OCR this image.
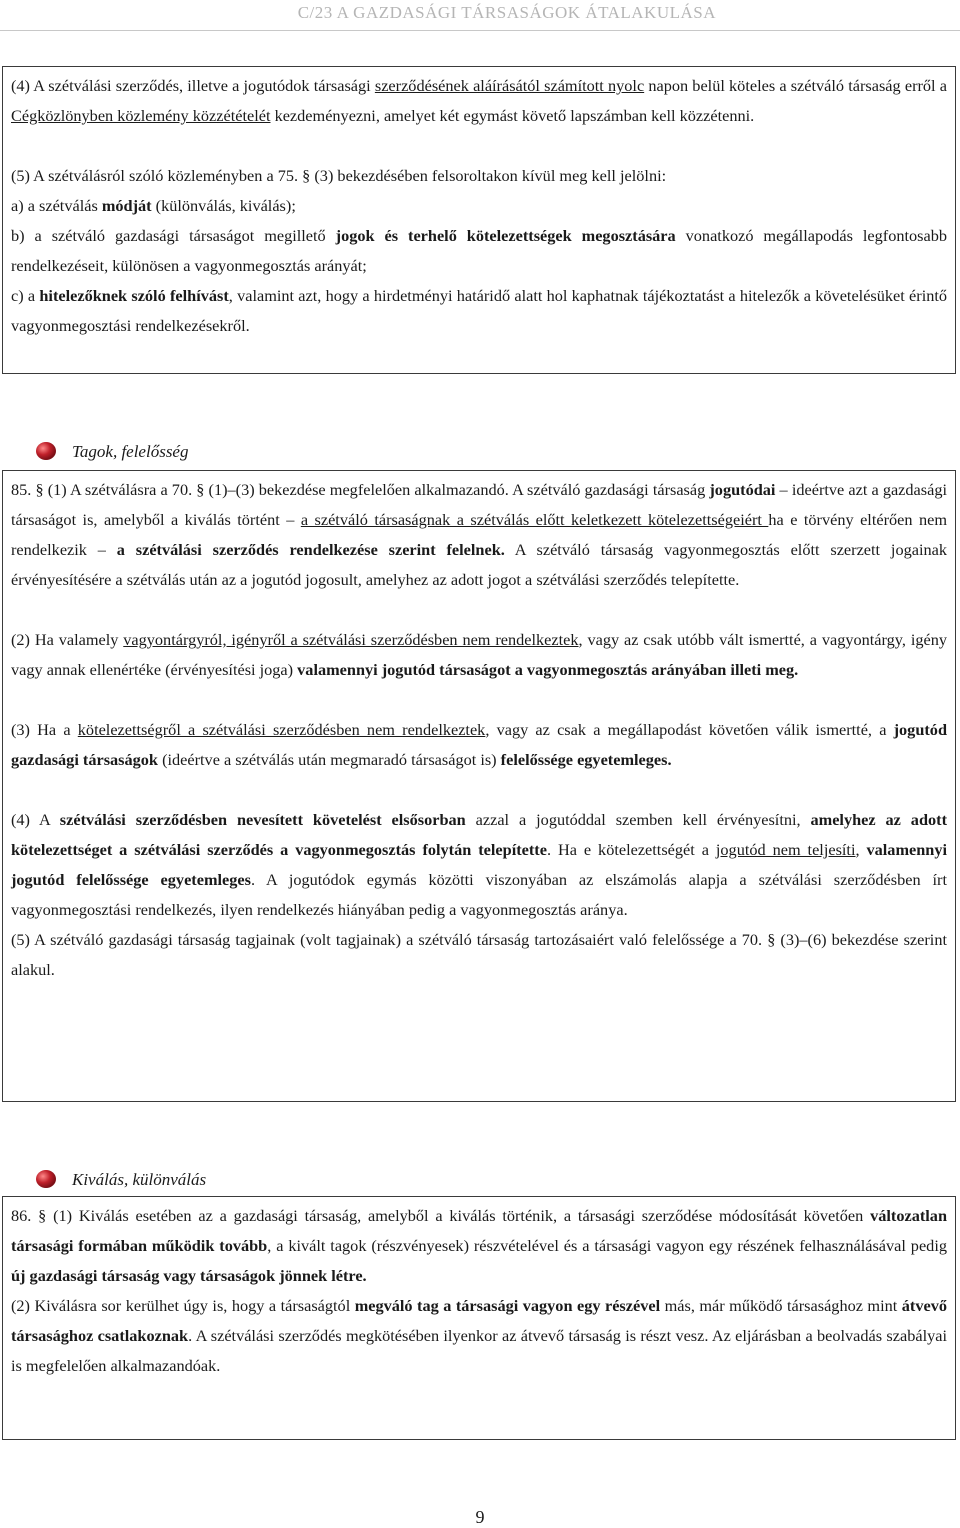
C/23 A GAZDASÁGI TÁRSASÁGOK ÁTALAKULÁSA

(4) A szétválási szerződés, illetve a jogutódok társasági szerződésének aláírásától számított nyolc napon belül köteles a szétváló társaság erről a Cégközlönyben közlemény közzétételét kezdeményezni, amelyet két egymást követő lapszámban kell közzétenni.

(5) A szétválásról szóló közleményben a 75. § (3) bekezdésében felsoroltakon kívül meg kell jelölni:

a) a szétválás módját (különválás, kiválás);

b) a szétváló gazdasági társaságot megillető jogok és terhelő kötelezettségek megosztására vonatkozó megállapodás legfontosabb rendelkezéseit, különösen a vagyonmegosztás arányát;

c) a hitelezőknek szóló felhívást, valamint azt, hogy a hirdetményi határidő alatt hol kaphatnak tájékoztatást a hitelezők a követelésüket érintő vagyonmegosztási rendelkezésekről.

Tagok, felelősség

85. § (1) A szétválásra a 70. § (1)–(3) bekezdése megfelelően alkalmazandó. A szétváló gazdasági társaság jogutódai – ideértve azt a gazdasági társaságot is, amelyből a kiválás történt – a szétváló társaságnak a szétválás előtt keletkezett kötelezettségeiért ha e törvény eltérően nem rendelkezik – a szétválási szerződés rendelkezése szerint felelnek. A szétváló társaság vagyonmegosztás előtt szerzett jogainak érvényesítésére a szétválás után az a jogutód jogosult, amelyhez az adott jogot a szétválási szerződés telepítette.

(2) Ha valamely vagyontárgyról, igényről a szétválási szerződésben nem rendelkeztek, vagy az csak utóbb vált ismertté, a vagyontárgy, igény vagy annak ellenértéke (érvényesítési joga) valamennyi jogutód társaságot a vagyonmegosztás arányában illeti meg.

(3) Ha a kötelezettségről a szétválási szerződésben nem rendelkeztek, vagy az csak a megállapodást követően válik ismertté, a jogutód gazdasági társaságok (ideértve a szétválás után megmaradó társaságot is) felelőssége egyetemleges.

(4) A szétválási szerződésben nevesített követelést elsősorban azzal a jogutóddal szemben kell érvényesítni, amelyhez az adott kötelezettséget a szétválási szerződés a vagyonmegosztás folytán telepítette. Ha e kötelezettségét a jogutód nem teljesíti, valamennyi jogutód felelőssége egyetemleges. A jogutódok egymás közötti viszonyában az elszámolás alapja a szétválási szerződésben írt vagyonmegosztási rendelkezés, ilyen rendelkezés hiányában pedig a vagyonmegosztás aránya.

(5) A szétváló gazdasági társaság tagjainak (volt tagjainak) a szétváló társaság tartozásaiért való felelőssége a 70. § (3)–(6) bekezdése szerint alakul.

Kiválás, különválás

86. § (1) Kiválás esetében az a gazdasági társaság, amelyből a kiválás történik, a társasági szerződése módosítását követően változatlan társasági formában működik tovább, a kivált tagok (részvényesek) részvételével és a társasági vagyon egy részének felhasználásával pedig új gazdasági társaság vagy társaságok jönnek létre.

(2) Kiválásra sor kerülhet úgy is, hogy a társaságtól megváló tag a társasági vagyon egy részével más, már működő társasághoz mint átvevő társasághoz csatlakoznak. A szétválási szerződés megkötésében ilyenkor az átvevő társaság is részt vesz. Az eljárásban a beolvadás szabályai is megfelelően alkalmazandóak.

9
